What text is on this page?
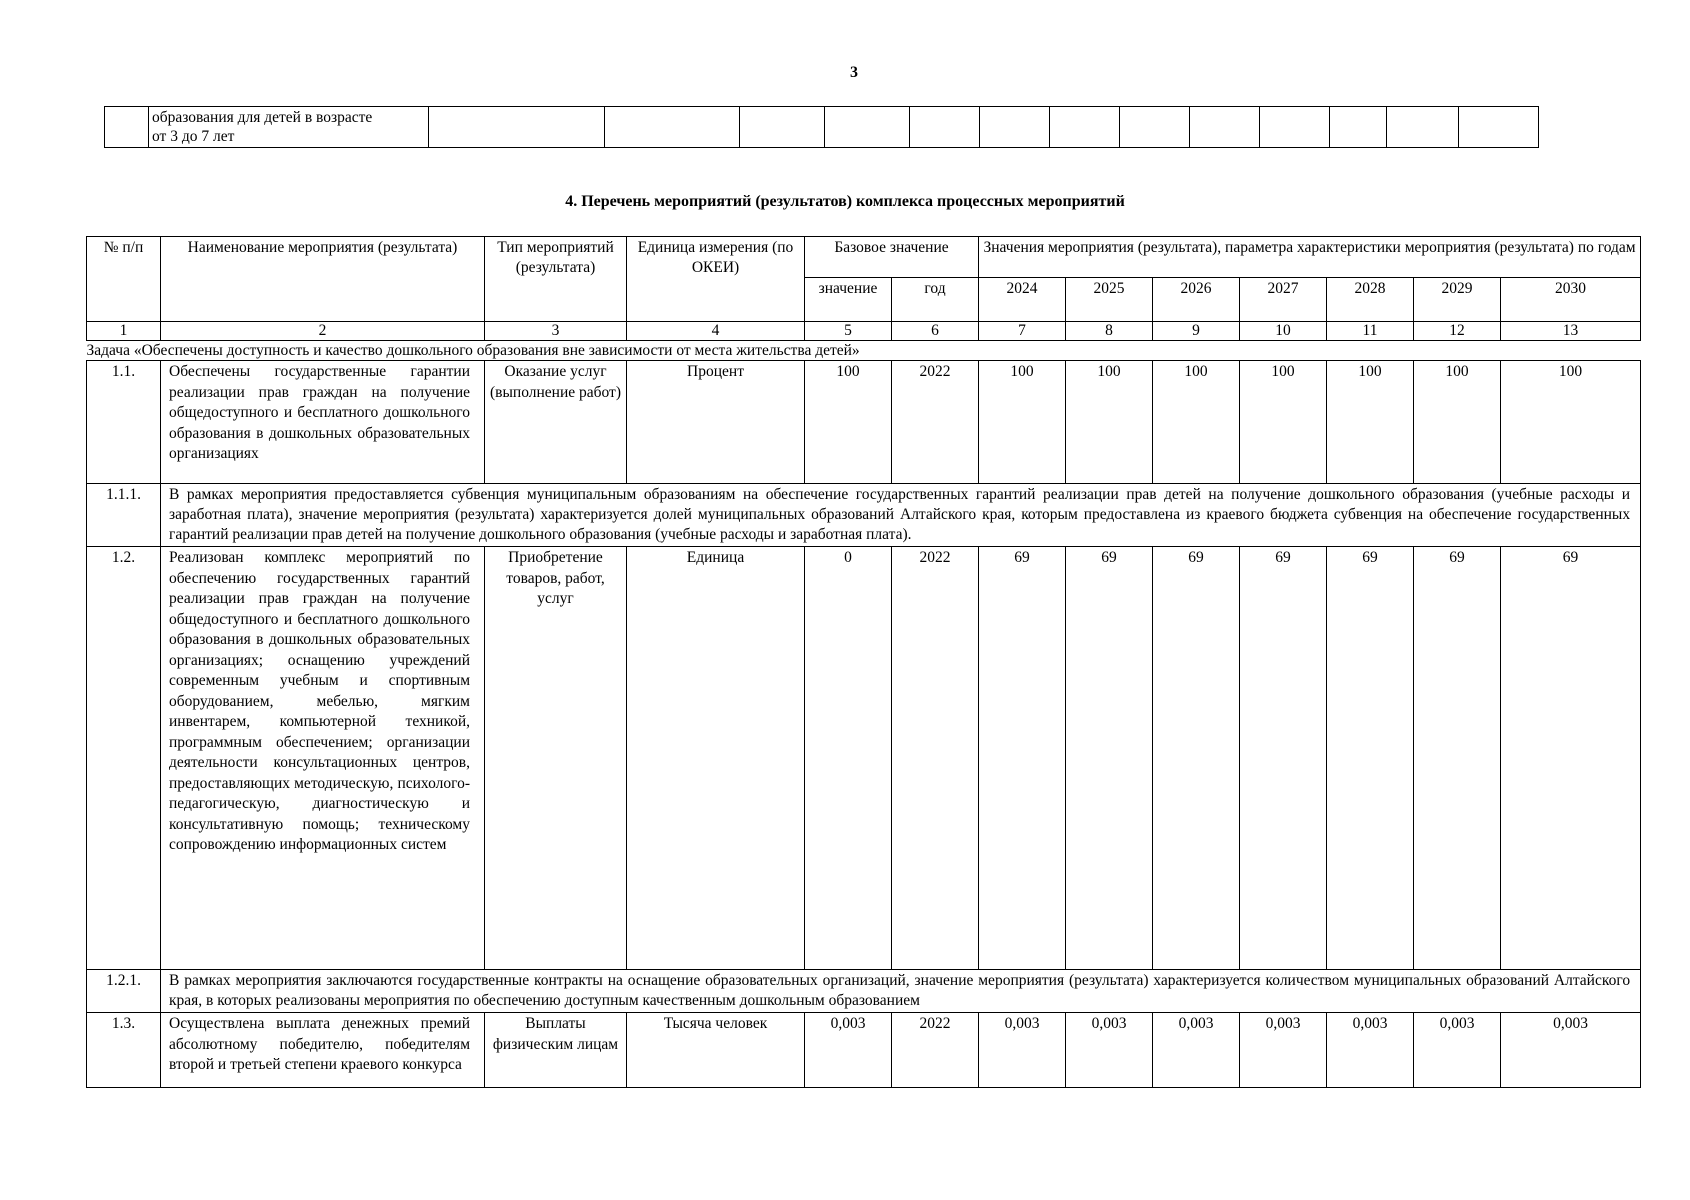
3
	образования для детей в возрасте
от 3 до 7 лет													
4. Перечень мероприятий (результатов) комплекса процессных мероприятий
№ п/п	Наименование мероприятия (результата)	Тип мероприятий (результата)	Единица измерения (по ОКЕИ)	Базовое значение		Значения мероприятия (результата), параметра характеристики мероприятия (результата) по годам						
				значение	год	2024	2025	2026	2027	2028	2029	2030
1	2	3	4	5	6	7	8	9	10	11	12	13
Задача «Обеспечены доступность и качество дошкольного образования вне зависимости от места жительства детей»												
1.1.	Обеспечены государственные гарантии реализации прав граждан на получение общедоступного и бесплатного дошкольного образования в дошкольных образовательных организациях	Оказание услуг (выполнение работ)	Процент	100	2022	100	100	100	100	100	100	100
1.1.1.	В рамках мероприятия предоставляется субвенция муниципальным образованиям на обеспечение государственных гарантий реализации прав детей на получение дошкольного образования (учебные расходы и заработная плата), значение мероприятия (результата) характеризуется долей муниципальных образований Алтайского края, которым предоставлена из краевого бюджета субвенция на обеспечение государственных гарантий реализации прав детей на получение дошкольного образования (учебные расходы и заработная плата).											
1.2.	Реализован комплекс мероприятий по обеспечению государственных гарантий реализации прав граждан на получение общедоступного и бесплатного дошкольного образования в дошкольных образовательных организациях; оснащению учреждений современным учебным и спортивным оборудованием, мебелью, мягким инвентарем, компьютерной техникой, программным обеспечением; организации деятельности консультационных центров, предоставляющих методическую, психолого-педагогическую, диагностическую и консультативную помощь; техническому сопровождению информационных систем	Приобретение товаров, работ, услуг	Единица	0	2022	69	69	69	69	69	69	69
1.2.1.	В рамках мероприятия заключаются государственные контракты на оснащение образовательных организаций, значение мероприятия (результата) характеризуется количеством муниципальных образований Алтайского края, в которых реализованы мероприятия по обеспечению доступным качественным дошкольным образованием											
1.3.	Осуществлена выплата денежных премий абсолютному победителю, победителям второй и третьей степени краевого конкурса	Выплаты физическим лицам	Тысяча человек	0,003	2022	0,003	0,003	0,003	0,003	0,003	0,003	0,003
